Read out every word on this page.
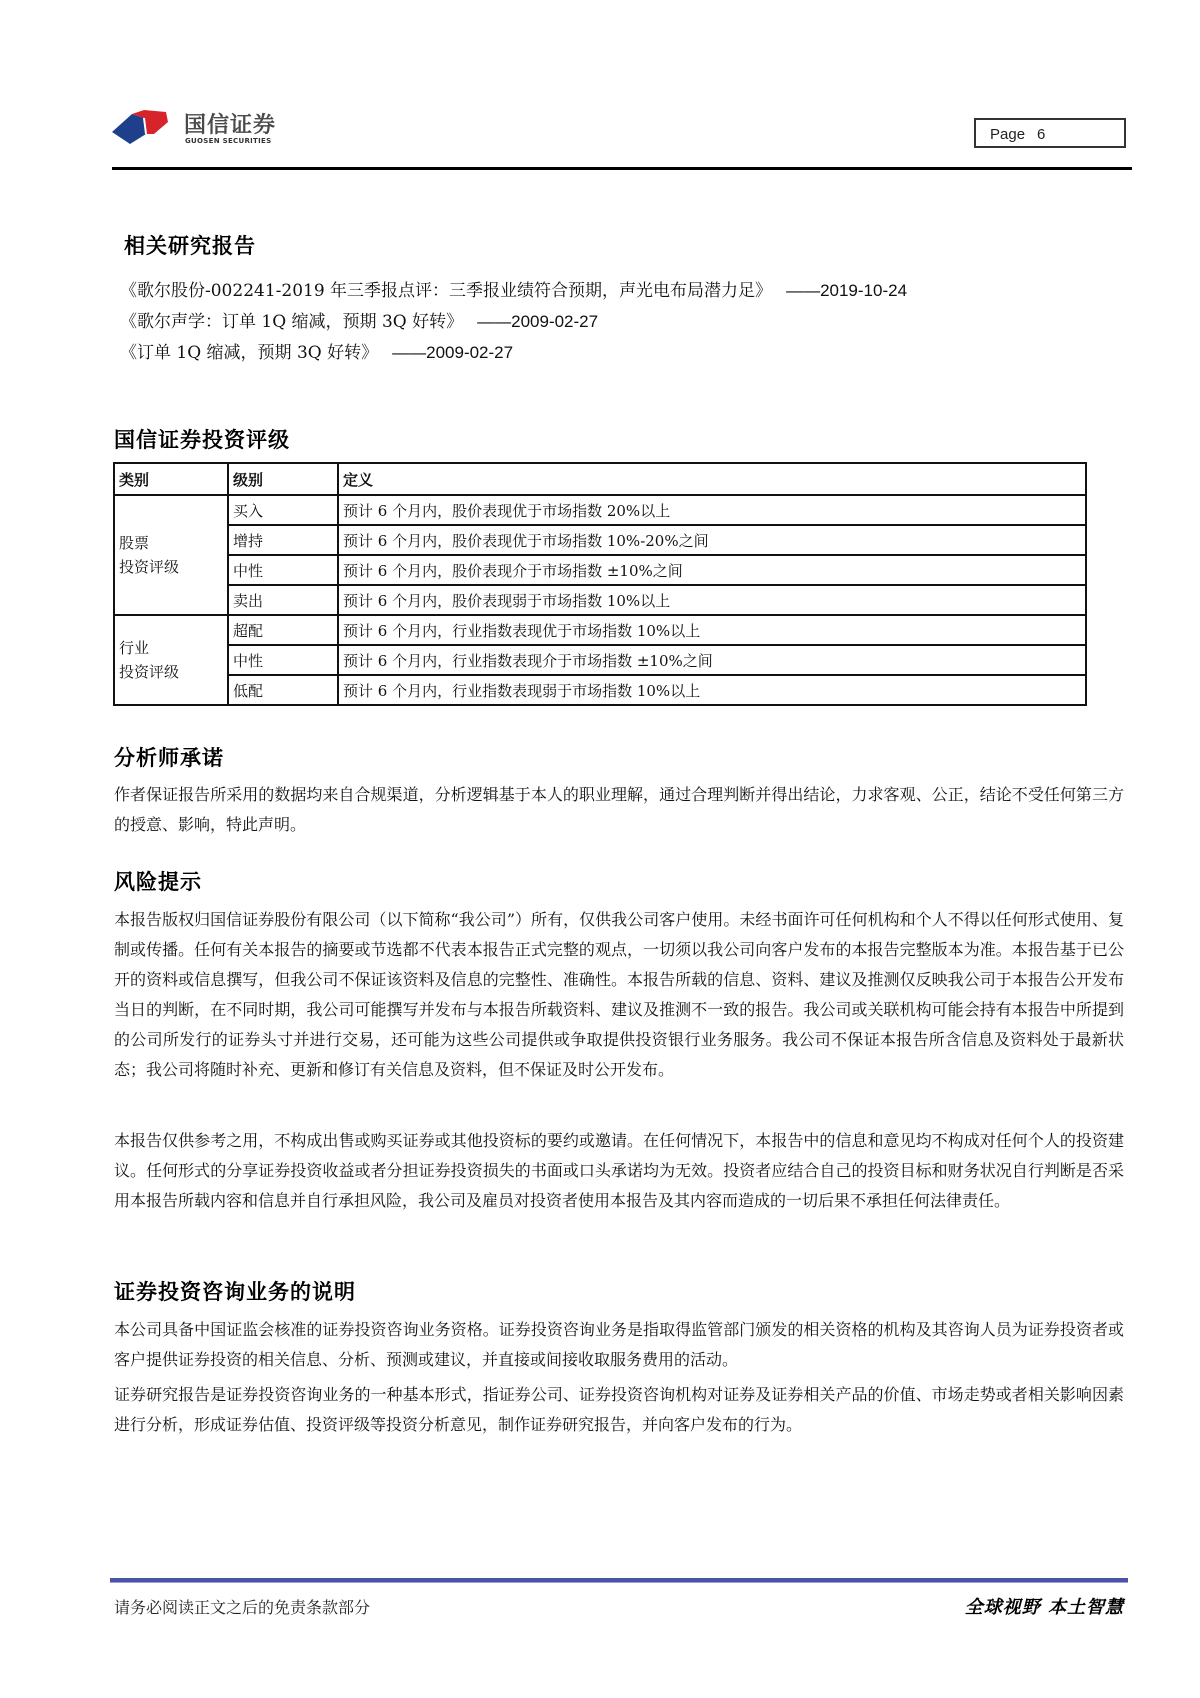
国信证券
GUOSEN SECURITIES	Page 6
相关研究报告
《歌尔股份-002241-2019 年三季报点评：三季报业绩符合预期，声光电布局潜力足》 ——2019-10-24
《歌尔声学：订单 1Q 缩减，预期 3Q 好转》 ——2009-02-27
《订单 1Q 缩减，预期 3Q 好转》 ——2009-02-27
国信证券投资评级
类别	级别	定义

股票
投资评级	买入	预计 6 个月内，股价表现优于市场指数 20%以上
	增持	预计 6 个月内，股价表现优于市场指数 10%-20%之间
	中性	预计 6 个月内，股价表现介于市场指数 ±10%之间
	卖出	预计 6 个月内，股价表现弱于市场指数 10%以上

行业
投资评级	超配	预计 6 个月内，行业指数表现优于市场指数 10%以上
	中性	预计 6 个月内，行业指数表现介于市场指数 ±10%之间
	低配	预计 6 个月内，行业指数表现弱于市场指数 10%以上
分析师承诺
作者保证报告所采用的数据均来自合规渠道，分析逻辑基于本人的职业理解，通过合理判断并得出结论，力求客观、公正，结论不受任何第三方的授意、影响，特此声明。
风险提示
本报告版权归国信证券股份有限公司（以下简称“我公司”）所有，仅供我公司客户使用。未经书面许可任何机构和个人不得以任何形式使用、复制或传播。任何有关本报告的摘要或节选都不代表本报告正式完整的观点，一切须以我公司向客户发布的本报告完整版本为准。本报告基于已公开的资料或信息撰写，但我公司不保证该资料及信息的完整性、准确性。本报告所载的信息、资料、建议及推测仅反映我公司于本报告公开发布当日的判断，在不同时期，我公司可能撰写并发布与本报告所载资料、建议及推测不一致的报告。我公司或关联机构可能会持有本报告中所提到的公司所发行的证券头寸并进行交易，还可能为这些公司提供或争取提供投资银行业务服务。我公司不保证本报告所含信息及资料处于最新状态；我公司将随时补充、更新和修订有关信息及资料，但不保证及时公开发布。
本报告仅供参考之用，不构成出售或购买证券或其他投资标的要约或邀请。在任何情况下，本报告中的信息和意见均不构成对任何个人的投资建议。任何形式的分享证券投资收益或者分担证券投资损失的书面或口头承诺均为无效。投资者应结合自己的投资目标和财务状况自行判断是否采用本报告所载内容和信息并自行承担风险，我公司及雇员对投资者使用本报告及其内容而造成的一切后果不承担任何法律责任。
证券投资咨询业务的说明
本公司具备中国证监会核准的证券投资咨询业务资格。证券投资咨询业务是指取得监管部门颁发的相关资格的机构及其咨询人员为证券投资者或客户提供证券投资的相关信息、分析、预测或建议，并直接或间接收取服务费用的活动。
证券研究报告是证券投资咨询业务的一种基本形式，指证券公司、证券投资咨询机构对证券及证券相关产品的价值、市场走势或者相关影响因素进行分析，形成证券估值、投资评级等投资分析意见，制作证券研究报告，并向客户发布的行为。
请务必阅读正文之后的免责条款部分	全球视野 本土智慧
